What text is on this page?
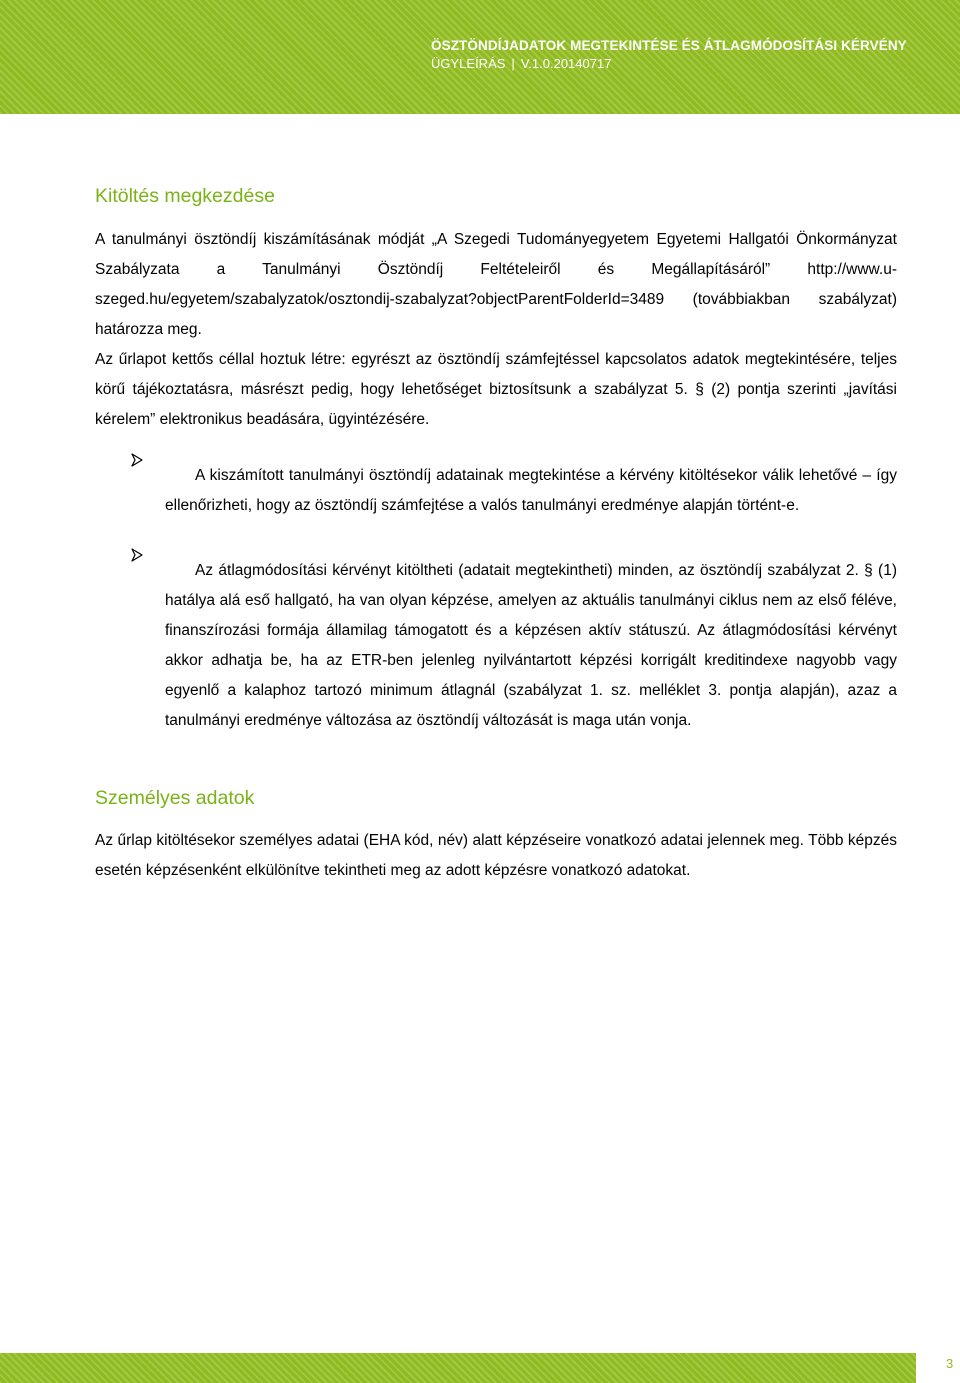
ÖSZTÖNDÍJADATOK MEGTEKINTÉSE ÉS ÁTLAGMÓDOSÍTÁSI KÉRVÉNY
ÜGYLEÍRÁS | V.1.0.20140717
Kitöltés megkezdése

A tanulmányi ösztöndíj kiszámításának módját „A Szegedi Tudományegyetem Egyetemi Hallgatói Önkormányzat Szabályzata a Tanulmányi Ösztöndíj Feltételeiről és Megállapításáról” http://www.u-szeged.hu/egyetem/szabalyzatok/osztondij-szabalyzat?objectParentFolderId=3489 (továbbiakban szabályzat) határozza meg.

Az űrlapot kettős céllal hoztuk létre: egyrészt az ösztöndíj számfejtéssel kapcsolatos adatok megtekintésére, teljes körű tájékoztatásra, másrészt pedig, hogy lehetőséget biztosítsunk a szabályzat 5. § (2) pontja szerinti „javítási kérelem” elektronikus beadására, ügyintézésére.

A kiszámított tanulmányi ösztöndíj adatainak megtekintése a kérvény kitöltésekor válik lehetővé – így ellenőrizheti, hogy az ösztöndíj számfejtése a valós tanulmányi eredménye alapján történt-e.

Az átlagmódosítási kérvényt kitöltheti (adatait megtekintheti) minden, az ösztöndíj szabályzat 2. § (1) hatálya alá eső hallgató, ha van olyan képzése, amelyen az aktuális tanulmányi ciklus nem az első féléve, finanszírozási formája államilag támogatott és a képzésen aktív státuszú. Az átlagmódosítási kérvényt akkor adhatja be, ha az ETR-ben jelenleg nyilvántartott képzési korrigált kreditindexe nagyobb vagy egyenlő a kalaphoz tartozó minimum átlagnál (szabályzat 1. sz. melléklet 3. pontja alapján), azaz a tanulmányi eredménye változása az ösztöndíj változását is maga után vonja.

Személyes adatok

Az űrlap kitöltésekor személyes adatai (EHA kód, név) alatt képzéseire vonatkozó adatai jelennek meg. Több képzés esetén képzésenként elkülönítve tekintheti meg az adott képzésre vonatkozó adatokat.

3
